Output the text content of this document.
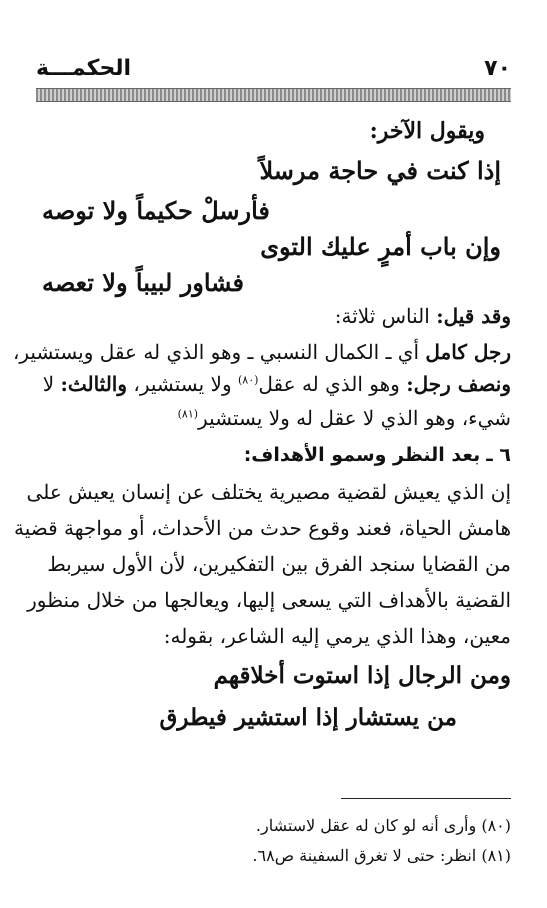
٧٠
الحكمـــة
ويقول الآخر:
إذا كنت في حاجة مرسلاً
فأرسلْ حكيماً ولا توصه
وإن باب أمرٍ عليك التوى
فشاور لبيباً ولا تعصه
وقد قيل: الناس ثلاثة:
رجل كامل أي ـ الكمال النسبي ـ وهو الذي له عقل ويستشير،
ونصف رجل: وهو الذي له عقل$^{(٨٠)}$ ولا يستشير، والثالث: لا
شيء، وهو الذي لا عقل له ولا يستشير$^{(٨١)}$
٦ ـ بعد النظر وسمو الأهداف:
إن الذي يعيش لقضية مصيرية يختلف عن إنسان يعيش على
هامش الحياة، فعند وقوع حدث من الأحداث، أو مواجهة قضية
من القضايا سنجد الفرق بين التفكيرين، لأن الأول سيربط
القضية بالأهداف التي يسعى إليها، ويعالجها من خلال منظور
معين، وهذا الذي يرمي إليه الشاعر، بقوله:
ومن الرجال إذا استوت أخلاقهم
من يستشار إذا استشير فيطرق
(٨٠) وأرى أنه لو كان له عقل لاستشار.
(٨١) انظر: حتى لا تغرق السفينة ص٦٨.
